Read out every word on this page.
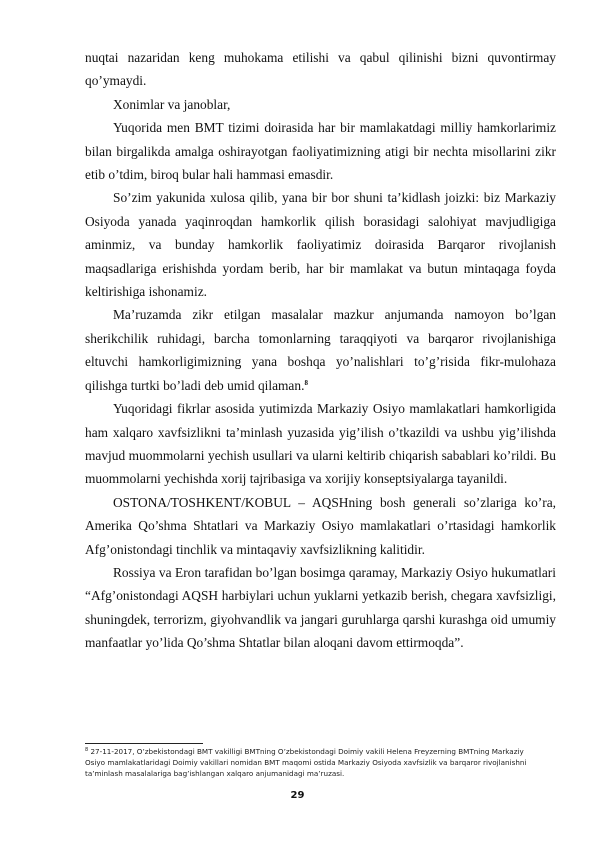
nuqtai nazaridan keng muhokama etilishi va qabul qilinishi bizni quvontirmay qo’ymaydi.

Xonimlar va janoblar,

Yuqorida men BMT tizimi doirasida har bir mamlakatdagi milliy hamkorlarimiz bilan birgalikda amalga oshirayotgan faoliyatimizning atigi bir nechta misollarini zikr etib o’tdim, biroq bular hali hammasi emasdir.

So’zim yakunida xulosa qilib, yana bir bor shuni ta’kidlash joizki: biz Markaziy Osiyoda yanada yaqinroqdan hamkorlik qilish borasidagi salohiyat mavjudligiga aminmiz, va bunday hamkorlik faoliyatimiz doirasida Barqaror rivojlanish maqsadlariga erishishda yordam berib, har bir mamlakat va butun mintaqaga foyda keltirishiga ishonamiz.

Ma’ruzamda zikr etilgan masalalar mazkur anjumanda namoyon bo’lgan sherikchilik ruhidagi, barcha tomonlarning taraqqiyoti va barqaror rivojlanishiga eltuvchi hamkorligimizning yana boshqa yo’nalishlari to’g’risida fikr-mulohaza qilishga turtki bo’ladi deb umid qilaman.$^8$

Yuqoridagi fikrlar asosida yutimizda Markaziy Osiyo mamlakatlari hamkorligida ham xalqaro xavfsizlikni ta’minlash yuzasida yig’ilish o’tkazildi va ushbu yig’ilishda mavjud muommolarni yechish usullari va ularni keltirib chiqarish sabablari ko’rildi. Bu muommolarni yechishda xorij tajribasiga va xorijiy konseptsiyalarga tayanildi.

OSTONA/TOSHKENT/KOBUL – AQSHning bosh generali so’zlariga ko’ra, Amerika Qo’shma Shtatlari va Markaziy Osiyo mamlakatlari o’rtasidagi hamkorlik Afg’onistondagi tinchlik va mintaqaviy xavfsizlikning kalitidir.

Rossiya va Eron tarafidan bo’lgan bosimga qaramay, Markaziy Osiyo hukumatlari “Afg’onistondagi AQSH harbiylari uchun yuklarni yetkazib berish, chegara xavfsizligi, shuningdek, terrorizm, giyohvandlik va jangari guruhlarga qarshi kurashga oid umumiy manfaatlar yo’lida Qo’shma Shtatlar bilan aloqani davom ettirmoqda”.

$^8$ 27-11-2017, O’zbekistondagi BMT vakilligi BMTning O’zbekistondagi Doimiy vakili Helena Freyzerning BMTning Markaziy Osiyo mamlakatlaridagi Doimiy vakillari nomidan BMT maqomi ostida Markaziy Osiyoda xavfsizlik va barqaror rivojlanishni ta’minlash masalalariga bag’ishlangan xalqaro anjumanidagi ma’ruzasi.
29
